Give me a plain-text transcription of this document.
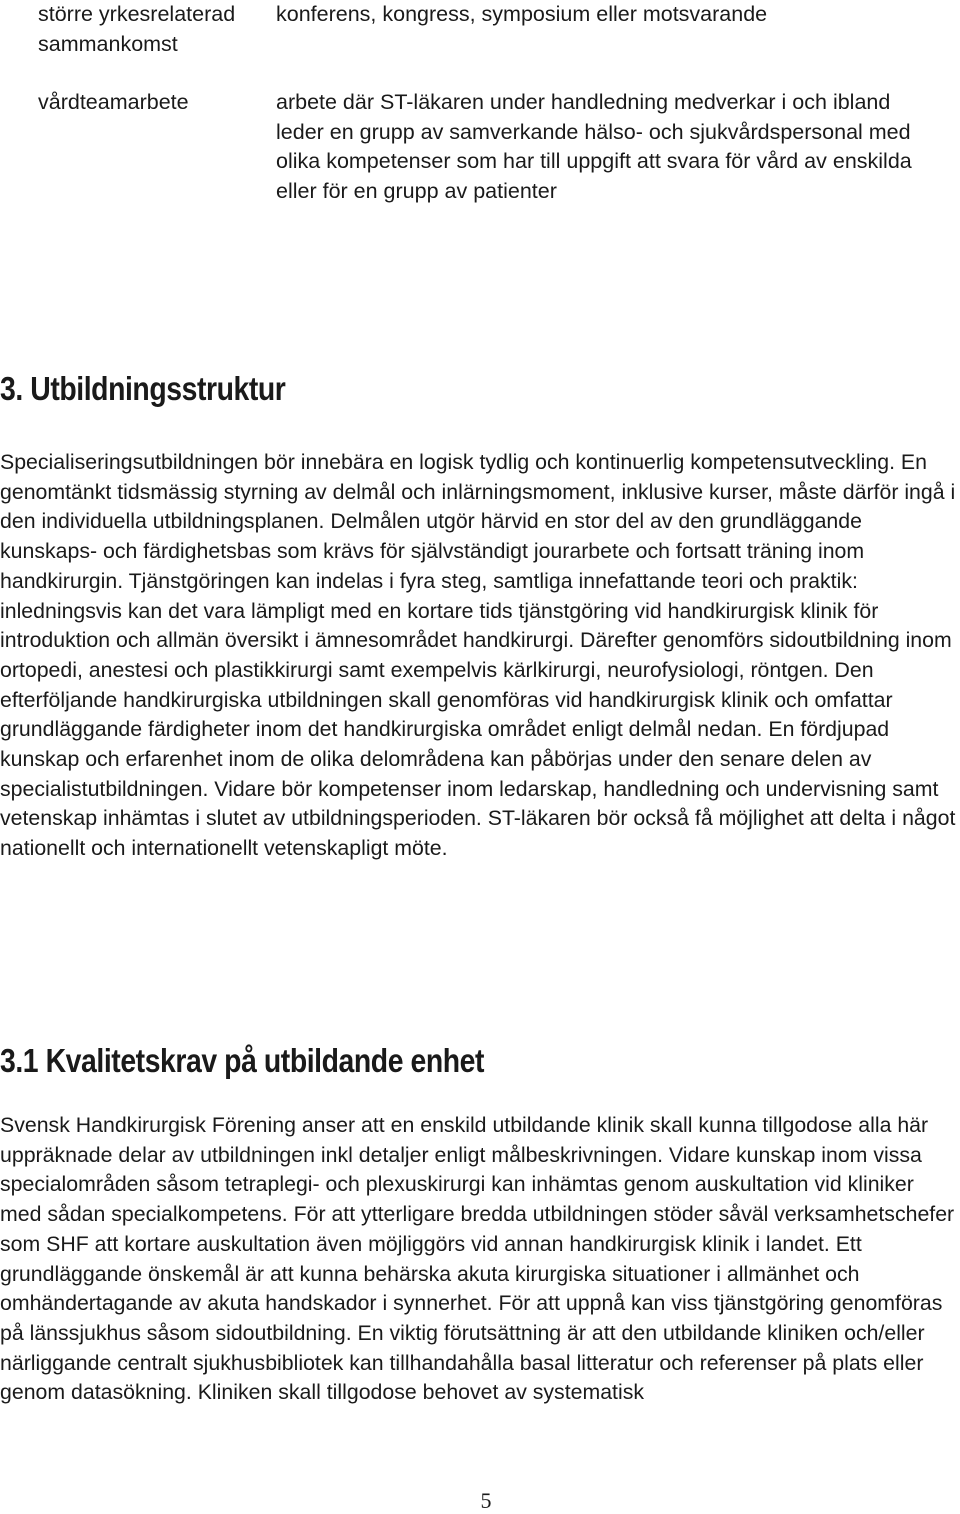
större yrkesrelaterad sammankomst
konferens, kongress, symposium eller motsvarande
vårdteamarbete	arbete där ST-läkaren under handledning medverkar i och ibland leder en grupp av samverkande hälso- och sjukvårdspersonal med olika kompetenser som har till uppgift att svara för vård av enskilda eller för en grupp av patienter
3. Utbildningsstruktur
Specialiseringsutbildningen bör innebära en logisk tydlig och kontinuerlig kompetensutveckling. En genomtänkt tidsmässig styrning av delmål och inlärningsmoment, inklusive kurser, måste därför ingå i den individuella utbildningsplanen. Delmålen utgör härvid en stor del av den grundläggande kunskaps- och färdighetsbas som krävs för självständigt jourarbete och fortsatt träning inom handkirurgin. Tjänstgöringen kan indelas i fyra steg, samtliga innefattande teori och praktik: inledningsvis kan det vara lämpligt med en kortare tids tjänstgöring vid handkirurgisk klinik för introduktion och allmän översikt i ämnesområdet handkirurgi. Därefter genomförs sidoutbildning inom ortopedi, anestesi och plastikkirurgi samt exempelvis kärlkirurgi, neurofysiologi, röntgen. Den efterföljande handkirurgiska utbildningen skall genomföras vid handkirurgisk klinik och omfattar grundläggande färdigheter inom det handkirurgiska området enligt delmål nedan. En fördjupad kunskap och erfarenhet inom de olika delområdena kan påbörjas under den senare delen av specialistutbildningen. Vidare bör kompetenser inom ledarskap, handledning och undervisning samt vetenskap inhämtas i slutet av utbildningsperioden. ST-läkaren bör också få möjlighet att delta i något nationellt och internationellt vetenskapligt möte.
3.1 Kvalitetskrav på utbildande enhet
Svensk Handkirurgisk Förening anser att en enskild utbildande klinik skall kunna tillgodose alla här uppräknade delar av utbildningen inkl detaljer enligt målbeskrivningen. Vidare kunskap inom vissa specialområden såsom tetraplegi- och plexuskirurgi kan inhämtas genom auskultation vid kliniker med sådan specialkompetens. För att ytterligare bredda utbildningen stöder såväl verksamhetschefer som SHF att kortare auskultation även möjliggörs vid annan handkirurgisk klinik i landet. Ett grundläggande önskemål är att kunna behärska akuta kirurgiska situationer i allmänhet och omhändertagande av akuta handskador i synnerhet. För att uppnå kan viss tjänstgöring genomföras på länssjukhus såsom sidoutbildning. En viktig förutsättning är att den utbildande kliniken och/eller närliggande centralt sjukhusbibliotek kan tillhandahålla basal litteratur och referenser på plats eller genom datasökning. Kliniken skall tillgodose behovet av systematisk
5
